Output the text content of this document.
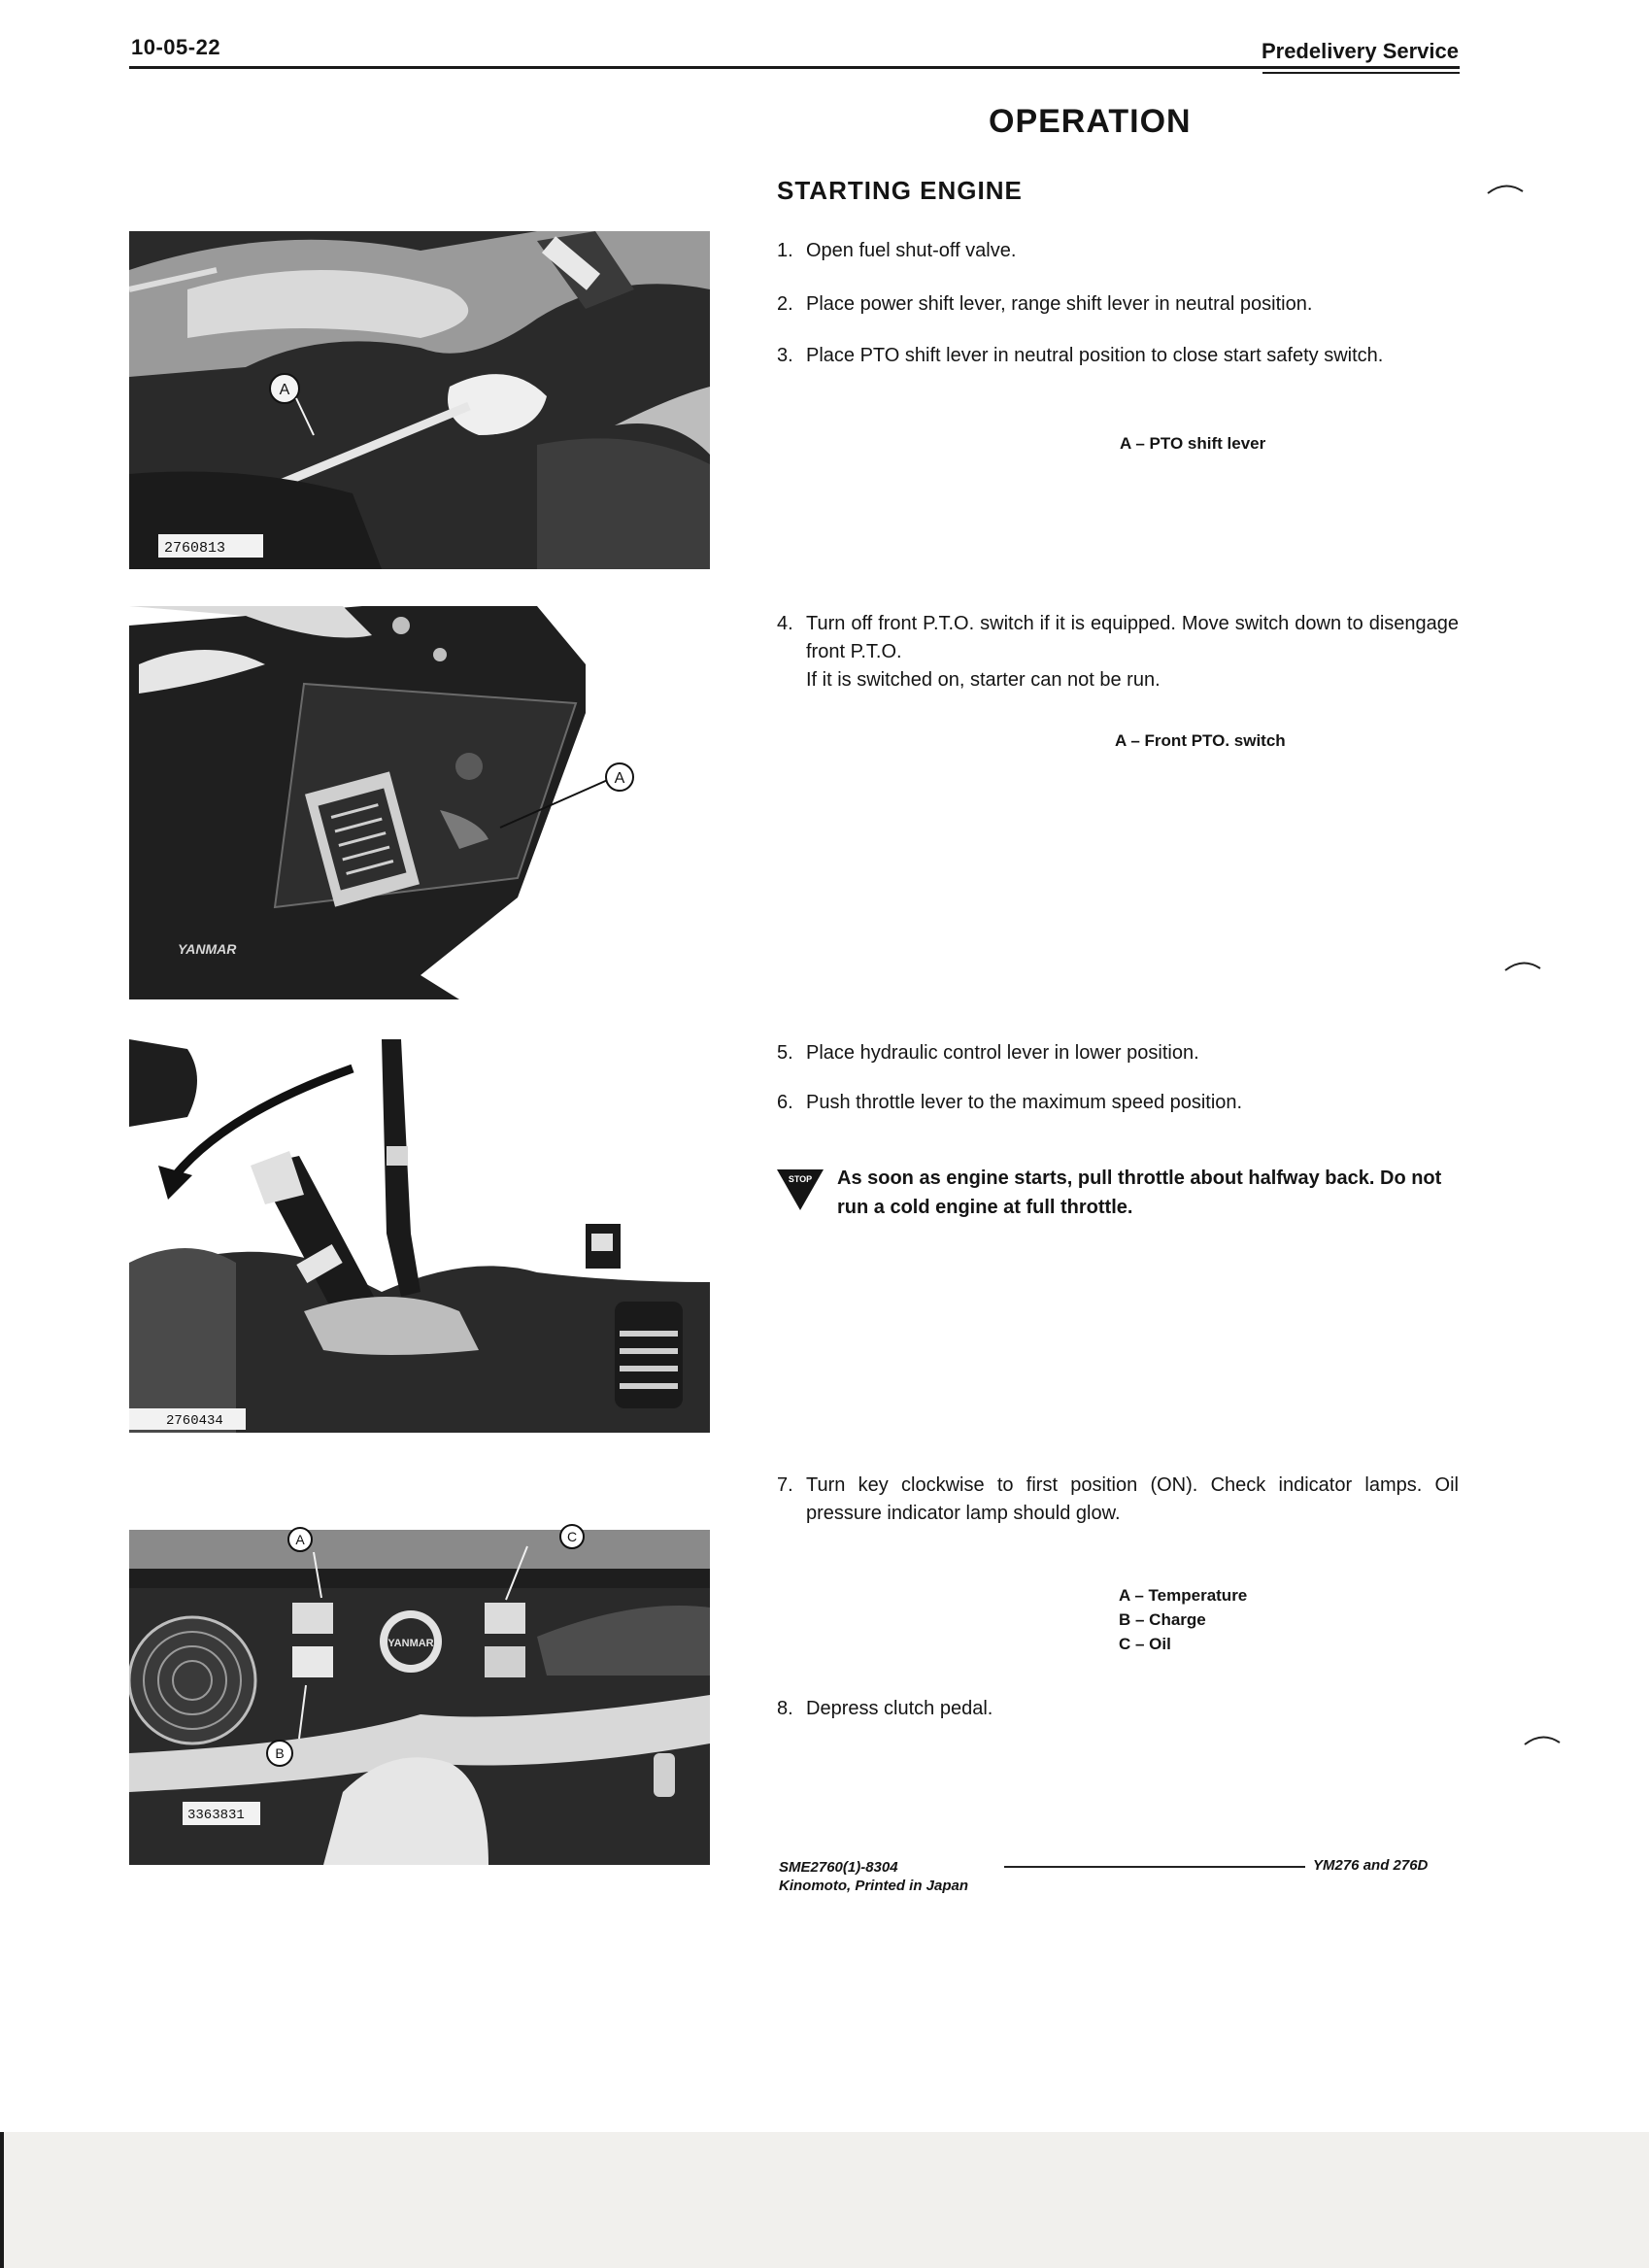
10-05-22	Predelivery Service
OPERATION
STARTING ENGINE
1. Open fuel shut-off valve.
2. Place power shift lever, range shift lever in neutral position.
3. Place PTO shift lever in neutral position to close start safety switch.
A – PTO shift lever
4. Turn off front P.T.O. switch if it is equipped. Move switch down to disengage front P.T.O.
If it is switched on, starter can not be run.
A – Front PTO. switch
5. Place hydraulic control lever in lower position.
6. Push throttle lever to the maximum speed position.
STOP As soon as engine starts, pull throttle about halfway back. Do not run a cold engine at full throttle.
7. Turn key clockwise to first position (ON). Check indicator lamps. Oil pressure indicator lamp should glow.
A – Temperature
B – Charge
C – Oil
8. Depress clutch pedal.
A
2760813
A
YANMAR
2760434
YANMAR
A
B
C
3363831
SME2760(1)-8304
Kinomoto, Printed in Japan
YM276 and 276D
